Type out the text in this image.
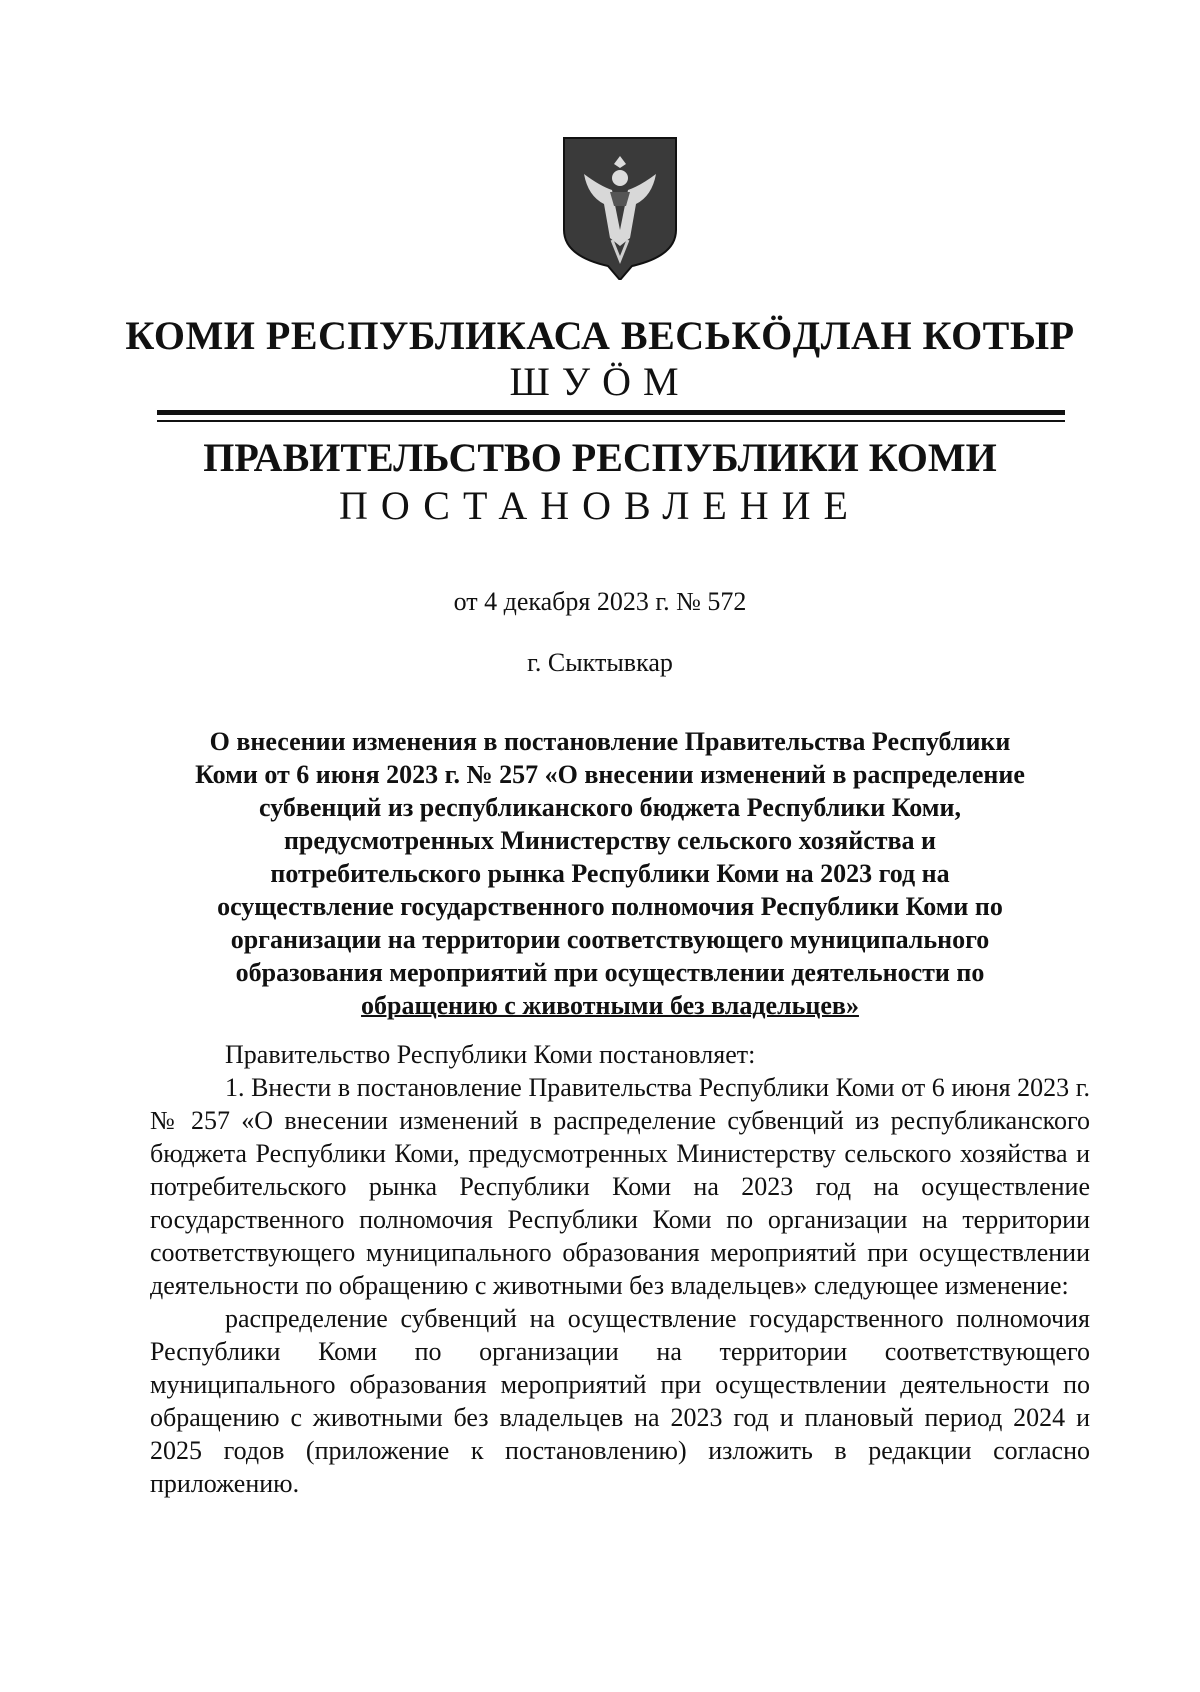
КОМИ РЕСПУБЛИКАСА ВЕСЬКӦДЛАН КОТЫР
ШУӦМ
ПРАВИТЕЛЬСТВО РЕСПУБЛИКИ КОМИ
ПОСТАНОВЛЕНИЕ
от 4 декабря 2023 г. № 572
г. Сыктывкар
О внесении изменения в постановление Правительства Республики Коми от 6 июня 2023 г. № 257 «О внесении изменений в распределение субвенций из республиканского бюджета Республики Коми, предусмотренных Министерству сельского хозяйства и потребительского рынка Республики Коми на 2023 год на осуществление государственного полномочия Республики Коми по организации на территории соответствующего муниципального образования мероприятий при осуществлении деятельности по обращению с животными без владельцев»

Правительство Республики Коми постановляет:

1. Внести в постановление Правительства Республики Коми от 6 июня 2023 г. № 257 «О внесении изменений в распределение субвенций из республиканского бюджета Республики Коми, предусмотренных Министерству сельского хозяйства и потребительского рынка Республики Коми на 2023 год на осуществление государственного полномочия Республики Коми по организации на территории соответствующего муниципального образования мероприятий при осуществлении деятельности по обращению с животными без владельцев» следующее изменение:

распределение субвенций на осуществление государственного полномочия Республики Коми по организации на территории соответствующего муниципального образования мероприятий при осуществлении деятельности по обращению с животными без владельцев на 2023 год и плановый период 2024 и 2025 годов (приложение к постановлению) изложить в редакции согласно приложению.
